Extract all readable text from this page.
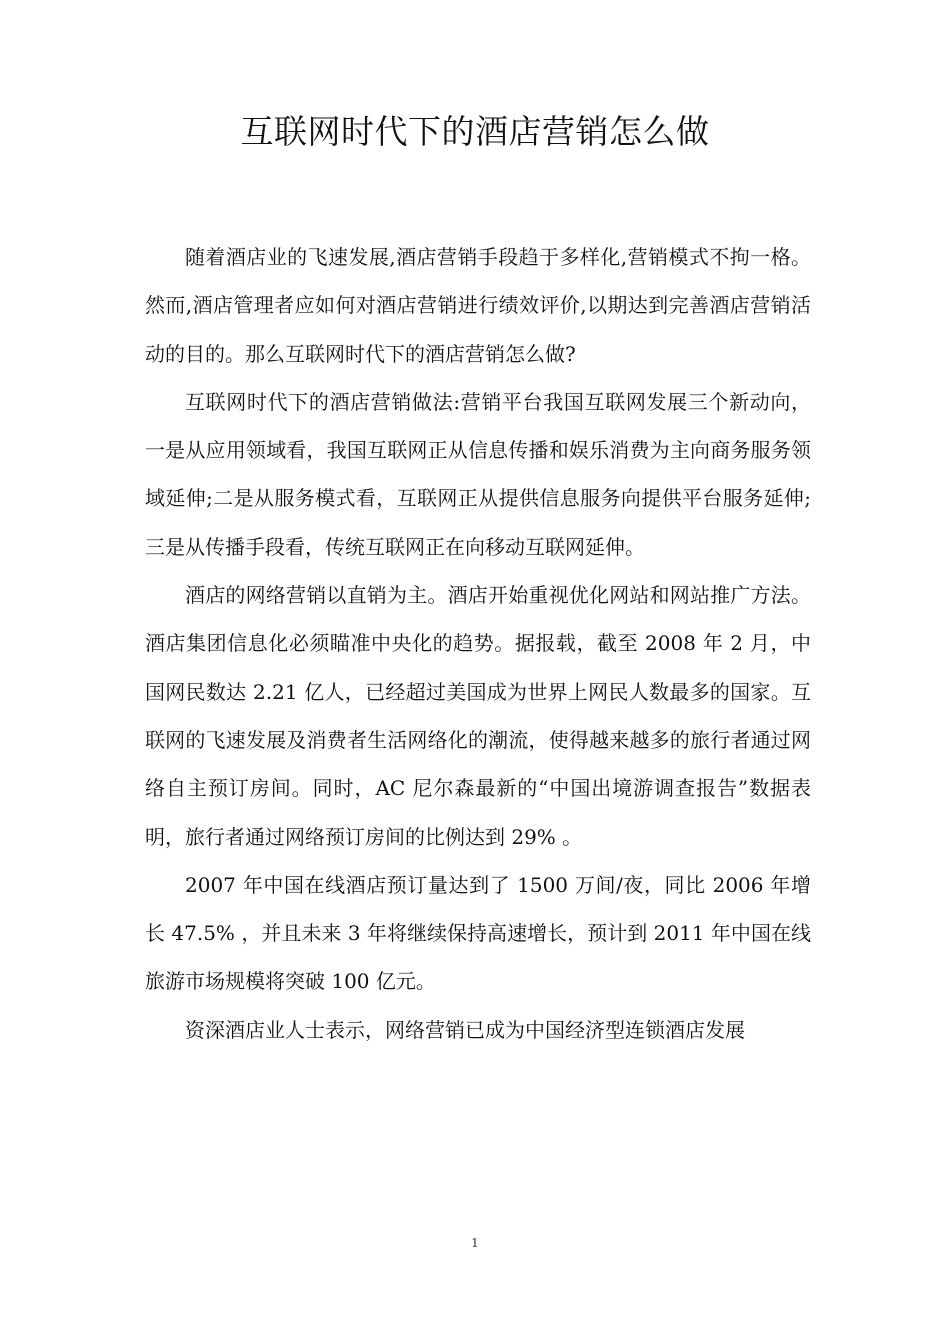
互联网时代下的酒店营销怎么做

随着酒店业的飞速发展,酒店营销手段趋于多样化,营销模式不拘一格。然而,酒店管理者应如何对酒店营销进行绩效评价,以期达到完善酒店营销活动的目的。那么互联网时代下的酒店营销怎么做?

互联网时代下的酒店营销做法:营销平台我国互联网发展三个新动向，一是从应用领域看，我国互联网正从信息传播和娱乐消费为主向商务服务领域延伸;二是从服务模式看，互联网正从提供信息服务向提供平台服务延伸;三是从传播手段看，传统互联网正在向移动互联网延伸。

酒店的网络营销以直销为主。酒店开始重视优化网站和网站推广方法。酒店集团信息化必须瞄准中央化的趋势。据报载，截至 2008 年 2 月，中国网民数达 2.21 亿人，已经超过美国成为世界上网民人数最多的国家。互联网的飞速发展及消费者生活网络化的潮流，使得越来越多的旅行者通过网络自主预订房间。同时，AC 尼尔森最新的“中国出境游调查报告”数据表明，旅行者通过网络预订房间的比例达到 29% 。

2007 年中国在线酒店预订量达到了 1500 万间/夜，同比 2006 年增长 47.5% ，并且未来 3 年将继续保持高速增长，预计到 2011 年中国在线旅游市场规模将突破 100 亿元。

资深酒店业人士表示，网络营销已成为中国经济型连锁酒店发展

1
